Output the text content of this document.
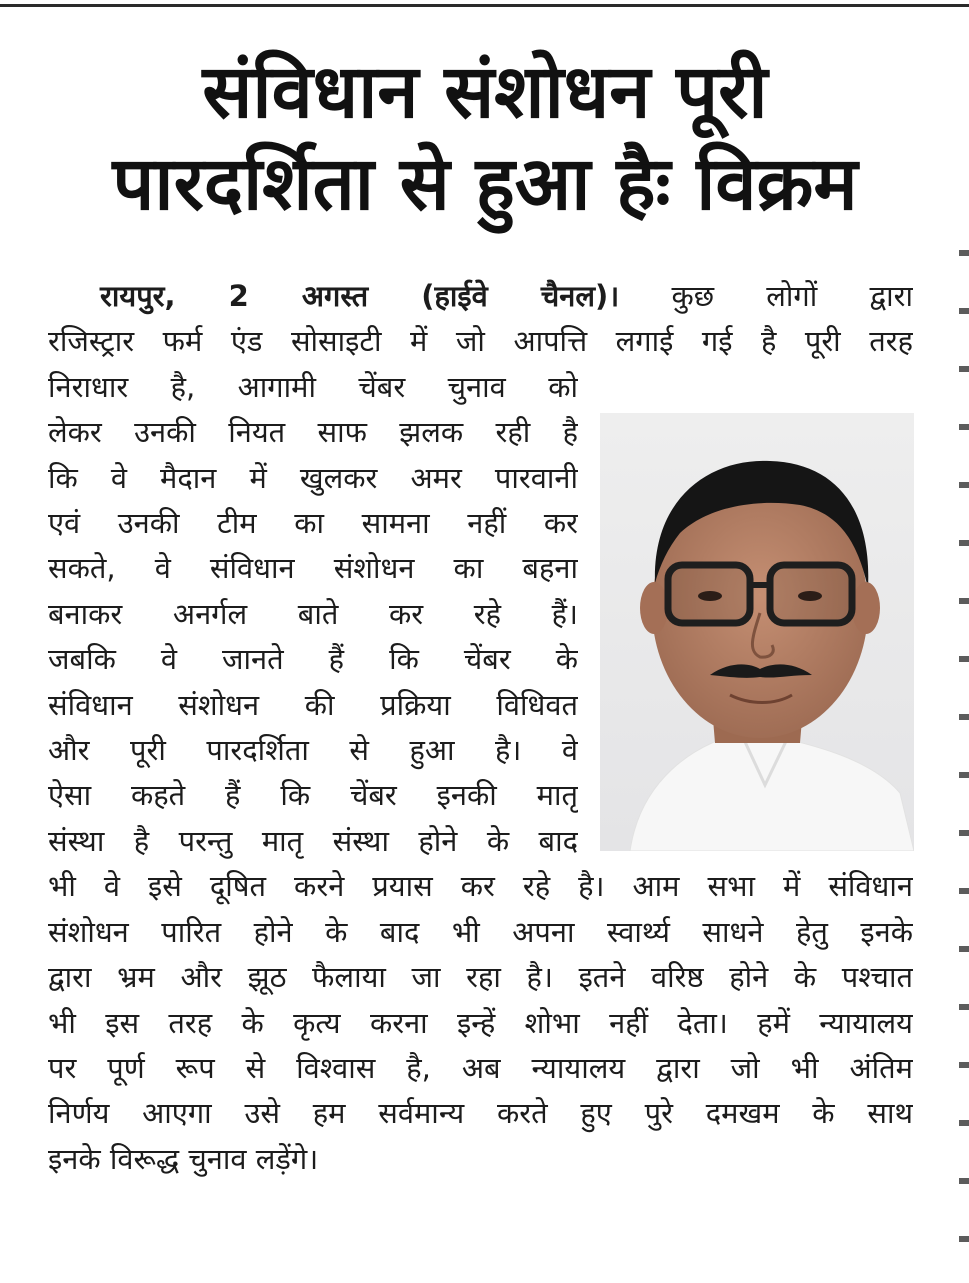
संविधान संशोधन पूरी
पारदर्शिता से हुआ हैः विक्रम
रायपुर, 2 अगस्त (हाईवे चैनल)। कुछ लोगों द्वारा
रजिस्ट्रार फर्म एंड सोसाइटी में जो आपत्ति लगाई गई है पूरी तरह
निराधार है, आगामी चेंबर चुनाव को
लेकर उनकी नियत साफ झलक रही है
कि वे मैदान में खुलकर अमर पारवानी
एवं उनकी टीम का सामना नहीं कर
सकते, वे संविधान संशोधन का बहना
बनाकर अनर्गल बाते कर रहे हैं।
जबकि वे जानते हैं कि चेंबर के
संविधान संशोधन की प्रक्रिया विधिवत
और पूरी पारदर्शिता से हुआ है। वे
ऐसा कहते हैं कि चेंबर इनकी मातृ
संस्था है परन्तु मातृ संस्था होने के बाद
भी वे इसे दूषित करने प्रयास कर रहे है। आम सभा में संविधान
संशोधन पारित होने के बाद भी अपना स्वार्थ्य साधने हेतु इनके
द्वारा भ्रम और झूठ फैलाया जा रहा है। इतने वरिष्ठ होने के पश्चात
भी इस तरह के कृत्य करना इन्हें शोभा नहीं देता। हमें न्यायालय
पर पूर्ण रूप से विश्वास है, अब न्यायालय द्वारा जो भी अंतिम
निर्णय आएगा उसे हम सर्वमान्य करते हुए पुरे दमखम के साथ
इनके विरूद्ध चुनाव लड़ेंगे।
